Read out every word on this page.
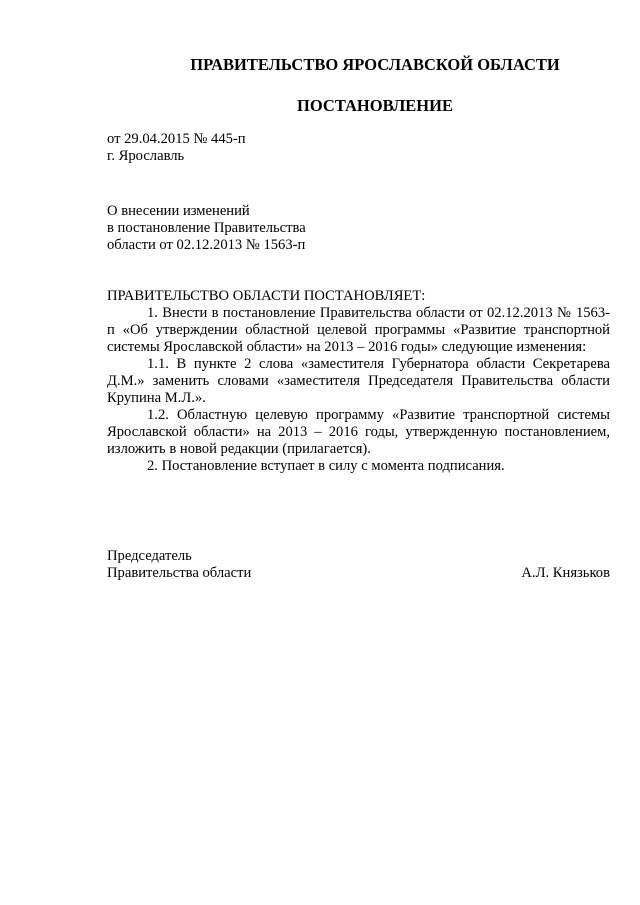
ПРАВИТЕЛЬСТВО ЯРОСЛАВСКОЙ ОБЛАСТИ
ПОСТАНОВЛЕНИЕ
от 29.04.2015 № 445-п
г. Ярославль
О внесении изменений
в постановление Правительства
области от 02.12.2013 № 1563-п

ПРАВИТЕЛЬСТВО ОБЛАСТИ ПОСТАНОВЛЯЕТ:

1. Внести в постановление Правительства области от 02.12.2013 № 1563-п «Об утверждении областной целевой программы «Развитие транспортной системы Ярославской области» на 2013 – 2016 годы» следующие изменения:

1.1. В пункте 2 слова «заместителя Губернатора области Секретарева Д.М.» заменить словами «заместителя Председателя Правительства области Крупина М.Л.».

1.2. Областную целевую программу «Развитие транспортной системы Ярославской области» на 2013 – 2016 годы, утвержденную постановлением, изложить в новой редакции (прилагается).

2. Постановление вступает в силу с момента подписания.

Председатель
Правительства области	А.Л. Князьков
